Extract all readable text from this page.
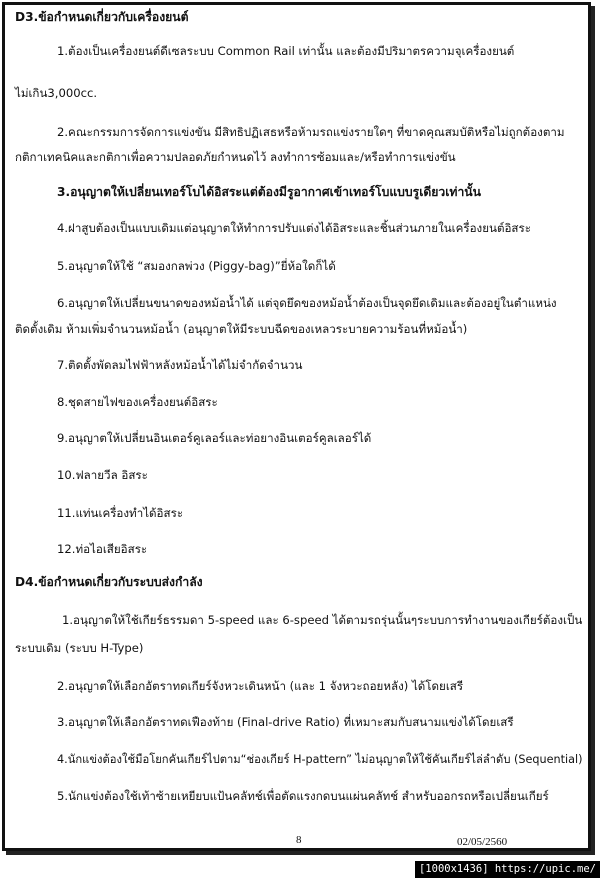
D3.ข้อกำหนดเกี่ยวกับเครื่องยนต์
1.ต้องเป็นเครื่องยนต์ดีเซลระบบ Common Rail เท่านั้น และต้องมีปริมาตรความจุเครื่องยนต์
ไม่เกิน3,000cc.
2.คณะกรรมการจัดการแข่งขัน มีสิทธิปฏิเสธหรือห้ามรถแข่งรายใดๆ ที่ขาดคุณสมบัติหรือไม่ถูกต้องตาม
กติกาเทคนิคและกติกาเพื่อความปลอดภัยกำหนดไว้ ลงทำการซ้อมและ/หรือทำการแข่งขัน
3.อนุญาตให้เปลี่ยนเทอร์โบได้อิสระแต่ต้องมีรูอากาศเข้าเทอร์โบแบบรูเดียวเท่านั้น
4.ฝาสูบต้องเป็นแบบเดิมแต่อนุญาตให้ทำการปรับแต่งได้อิสระและชิ้นส่วนภายในเครื่องยนต์อิสระ
5.อนุญาตให้ใช้ “สมองกลพ่วง (Piggy-bag)”ยี่ห้อใดก็ได้
6.อนุญาตให้เปลี่ยนขนาดของหม้อน้ำได้ แต่จุดยึดของหม้อน้ำต้องเป็นจุดยึดเดิมและต้องอยู่ในตำแหน่ง
ติดตั้งเดิม ห้ามเพิ่มจำนวนหม้อน้ำ (อนุญาตให้มีระบบฉีดของเหลวระบายความร้อนที่หม้อน้ำ)
7.ติดตั้งพัดลมไฟฟ้าหลังหม้อน้ำได้ไม่จำกัดจำนวน
8.ชุดสายไฟของเครื่องยนต์อิสระ
9.อนุญาตให้เปลี่ยนอินเตอร์คูเลอร์และท่อยางอินเตอร์คูลเลอร์ได้
10.ฟลายวีล อิสระ
11.แท่นเครื่องทำได้อิสระ
12.ท่อไอเสียอิสระ
D4.ข้อกำหนดเกี่ยวกับระบบส่งกำลัง
1.อนุญาตให้ใช้เกียร์ธรรมดา 5-speed และ 6-speed ได้ตามรถรุ่นนั้นๆระบบการทำงานของเกียร์ต้องเป็น
ระบบเดิม (ระบบ H-Type)
2.อนุญาตให้เลือกอัตราทดเกียร์จังหวะเดินหน้า (และ 1 จังหวะถอยหลัง) ได้โดยเสรี
3.อนุญาตให้เลือกอัตราทดเฟืองท้าย (Final-drive Ratio) ที่เหมาะสมกับสนามแข่งได้โดยเสรี
4.นักแข่งต้องใช้มือโยกคันเกียร์ไปตาม“ช่องเกียร์ H-pattern” ไม่อนุญาตให้ใช้คันเกียร์ไล่ลำดับ (Sequential)
5.นักแข่งต้องใช้เท้าซ้ายเหยียบแป้นคลัทช์เพื่อตัดแรงกดบนแผ่นคลัทช์ สำหรับออกรถหรือเปลี่ยนเกียร์
8	02/05/2560
[1000x1436] https://upic.me/
